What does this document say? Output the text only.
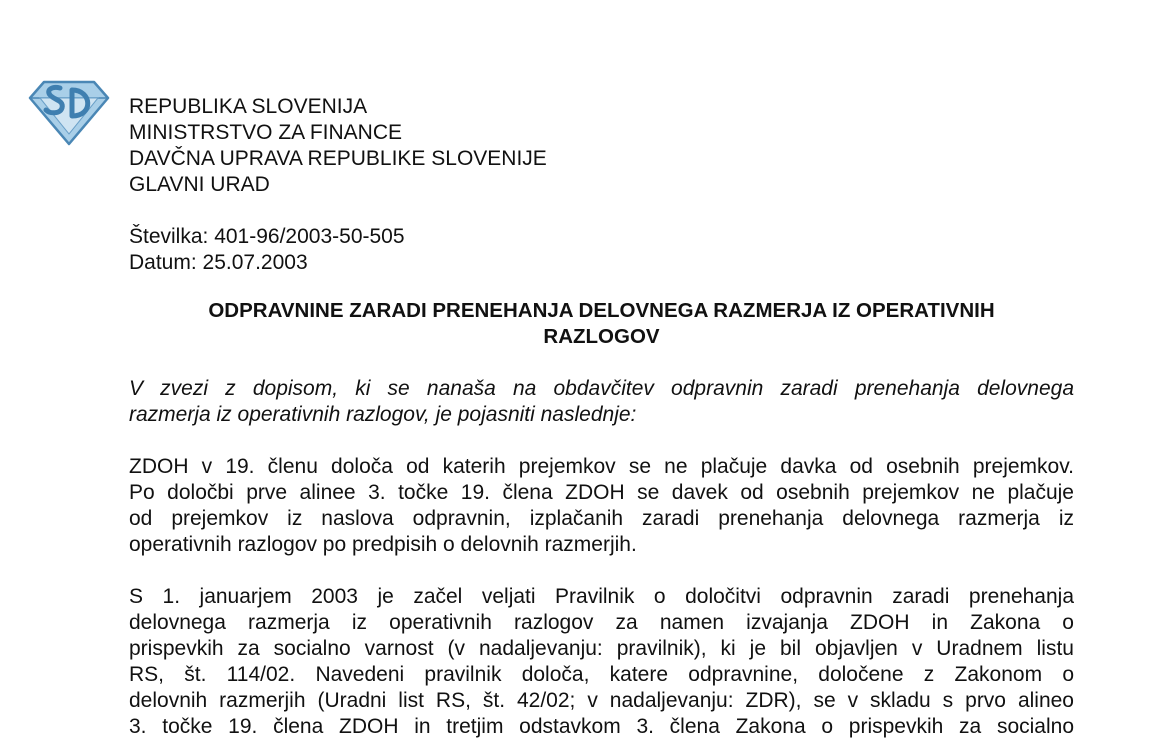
REPUBLIKA SLOVENIJA
MINISTRSTVO ZA FINANCE
DAVČNA UPRAVA REPUBLIKE SLOVENIJE
GLAVNI URAD
Številka: 401-96/2003-50-505
Datum: 25.07.2003
ODPRAVNINE ZARADI PRENEHANJA DELOVNEGA RAZMERJA IZ OPERATIVNIH
RAZLOGOV
V zvezi z dopisom, ki se nanaša na obdavčitev odpravnin zaradi prenehanja delovnega
razmerja iz operativnih razlogov, je pojasniti naslednje:
ZDOH v 19. členu določa od katerih prejemkov se ne plačuje davka od osebnih prejemkov.
Po določbi prve alinee 3. točke 19. člena ZDOH se davek od osebnih prejemkov ne plačuje
od prejemkov iz naslova odpravnin, izplačanih zaradi prenehanja delovnega razmerja iz
operativnih razlogov po predpisih o delovnih razmerjih.
S 1. januarjem 2003 je začel veljati Pravilnik o določitvi odpravnin zaradi prenehanja
delovnega razmerja iz operativnih razlogov za namen izvajanja ZDOH in Zakona o
prispevkih za socialno varnost (v nadaljevanju: pravilnik), ki je bil objavljen v Uradnem listu
RS, št. 114/02. Navedeni pravilnik določa, katere odpravnine, določene z Zakonom o
delovnih razmerjih (Uradni list RS, št. 42/02; v nadaljevanju: ZDR), se v skladu s prvo alineo
3. točke 19. člena ZDOH in tretjim odstavkom 3. člena Zakona o prispevkih za socialno
